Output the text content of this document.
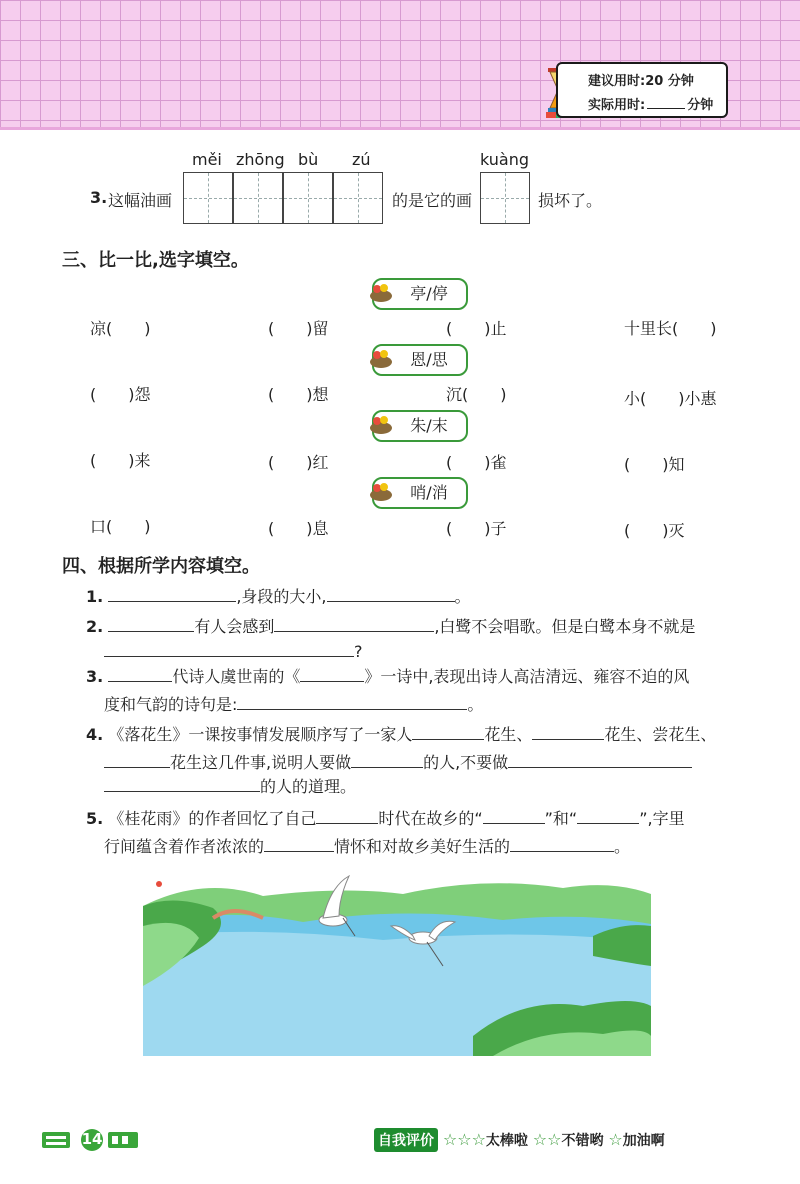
建议用时:20 分钟
实际用时:	分钟
měi zhōng bù zú	kuàng
3. 这幅油画	的是它的画	损坏了。
三、比一比,选字填空。
亭/停
凉(　　)	(　　)留	(　　)止	十里长(　　)
恩/思
(　　)怨	(　　)想	沉(　　)	小(　　)小惠
朱/末
(　　)来	(　　)红	(　　)雀	(　　)知
哨/消
口(　　)	(　　)息	(　　)子	(　　)灭
四、根据所学内容填空。
1.	,身段的大小,	。
2.	有人会感到	,白鹭不会唱歌。但是白鹭本身不就是
?
3.	代诗人虞世南的《	》一诗中,表现出诗人高洁清远、雍容不迫的风
度和气韵的诗句是:	。
4. 《落花生》一课按事情发展顺序写了一家人	花生、	花生、尝花生、
花生这几件事,说明人要做	的人,不要做
的人的道理。
5. 《桂花雨》的作者回忆了自己	时代在故乡的“	”和“	”,字里
行间蕴含着作者浓浓的	情怀和对故乡美好生活的	。
14	自我评价 ☆☆☆太棒啦 ☆☆不错哟 ☆加油啊
